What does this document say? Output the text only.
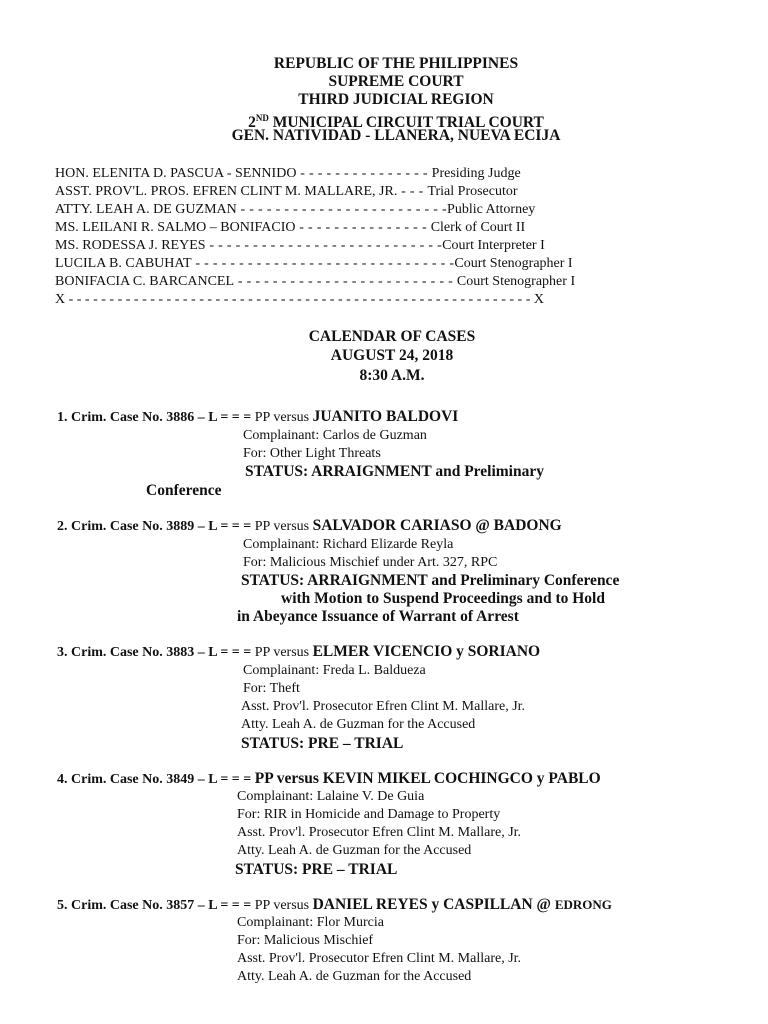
REPUBLIC OF THE PHILIPPINES
SUPREME COURT
THIRD JUDICIAL REGION
2ND MUNICIPAL CIRCUIT TRIAL COURT
GEN. NATIVIDAD - LLANERA, NUEVA ECIJA
HON. ELENITA D. PASCUA - SENNIDO - - - - - - - - - - - - - - - Presiding Judge
ASST. PROV'L. PROS. EFREN CLINT M. MALLARE, JR. - - - Trial Prosecutor
ATTY. LEAH A. DE GUZMAN - - - - - - - - - - - - - - - - - - - - - - - -Public Attorney
MS. LEILANI R. SALMO – BONIFACIO - - - - - - - - - - - - - - - Clerk of Court II
MS. RODESSA J. REYES - - - - - - - - - - - - - - - - - - - - - - - - - - -Court Interpreter I
LUCILA B. CABUHAT - - - - - - - - - - - - - - - - - - - - - - - - - - - - - -Court Stenographer I
BONIFACIA C. BARCANCEL - - - - - - - - - - - - - - - - - - - - - - - - - Court Stenographer I
X - - - - - - - - - - - - - - - - - - - - - - - - - - - - - - - - - - - - - - - - - - - - - - - - - - - - - - - - - X
CALENDAR OF CASES
AUGUST 24, 2018
8:30 A.M.
1. Crim. Case No. 3886 – L = = = PP versus JUANITO BALDOVI
Complainant: Carlos de Guzman
For: Other Light Threats
STATUS: ARRAIGNMENT and Preliminary
Conference
2. Crim. Case No. 3889 – L = = = PP versus SALVADOR CARIASO @ BADONG
Complainant: Richard Elizarde Reyla
For: Malicious Mischief under Art. 327, RPC
STATUS: ARRAIGNMENT and Preliminary Conference
with Motion to Suspend Proceedings and to Hold
in Abeyance Issuance of Warrant of Arrest
3. Crim. Case No. 3883 – L = = = PP versus ELMER VICENCIO y SORIANO
Complainant: Freda L. Baldueza
For: Theft
Asst. Prov'l. Prosecutor Efren Clint M. Mallare, Jr.
Atty. Leah A. de Guzman for the Accused
STATUS: PRE – TRIAL
4. Crim. Case No. 3849 – L = = = PP versus KEVIN MIKEL COCHINGCO y PABLO
Complainant: Lalaine V. De Guia
For: RIR in Homicide and Damage to Property
Asst. Prov'l. Prosecutor Efren Clint M. Mallare, Jr.
Atty. Leah A. de Guzman for the Accused
STATUS: PRE – TRIAL
5. Crim. Case No. 3857 – L = = = PP versus DANIEL REYES y CASPILLAN @ EDRONG
Complainant: Flor Murcia
For: Malicious Mischief
Asst. Prov'l. Prosecutor Efren Clint M. Mallare, Jr.
Atty. Leah A. de Guzman for the Accused
